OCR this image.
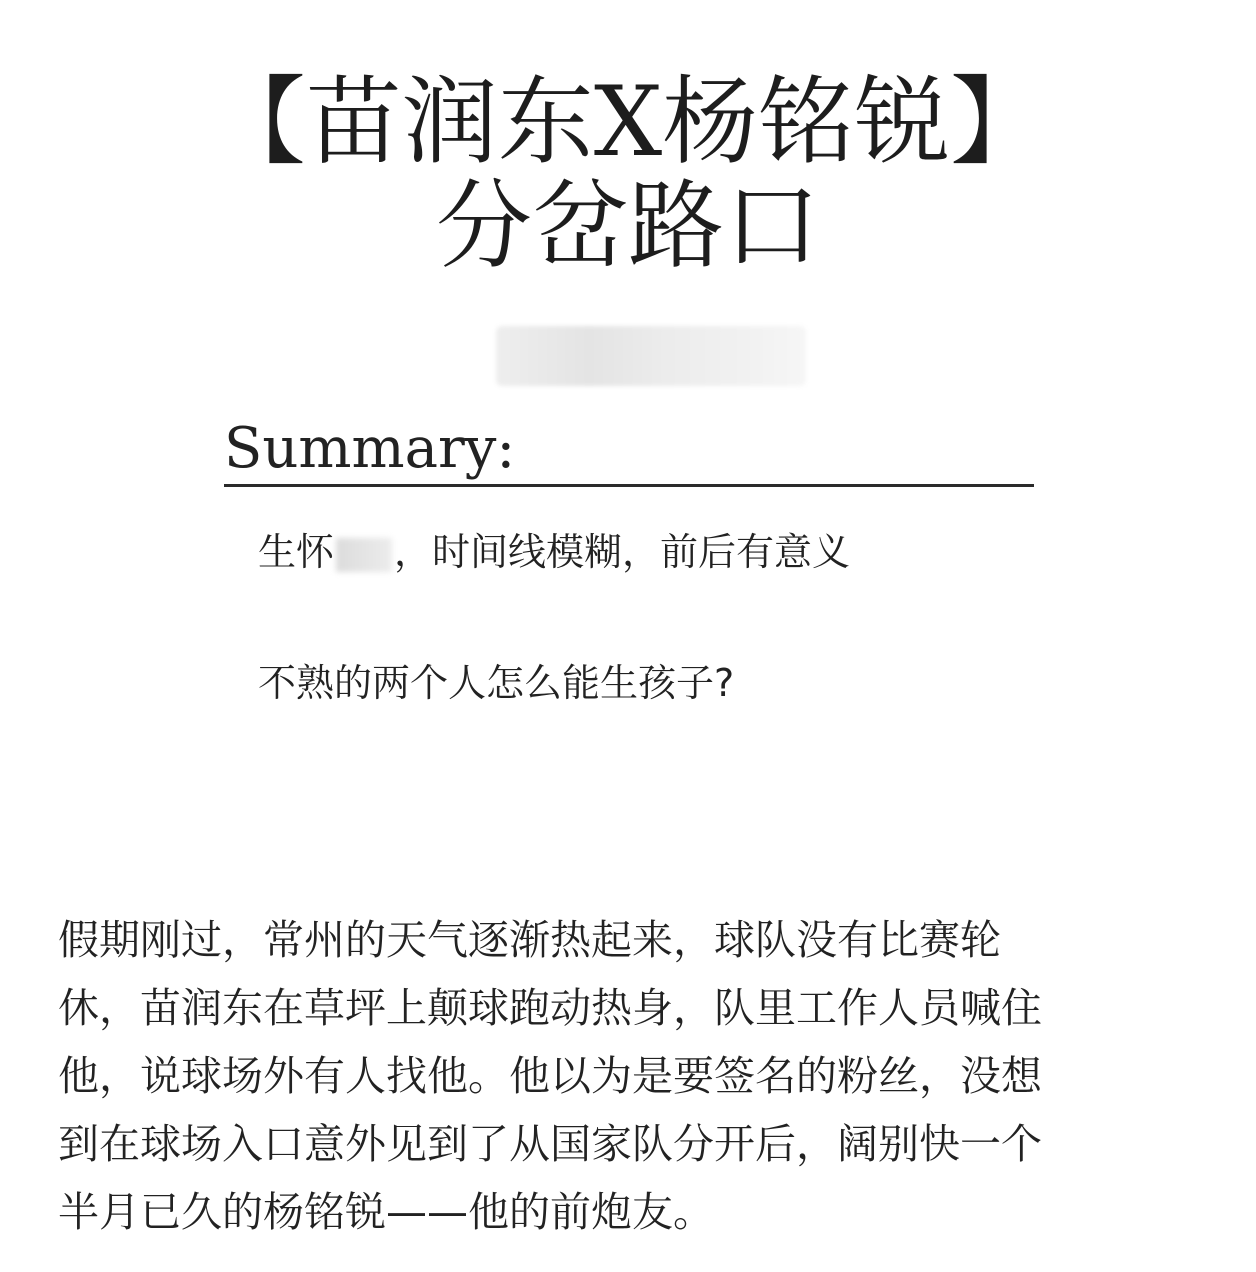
【苗润东X杨铭锐】
分岔路口
Summary:
生怀 ，时间线模糊，前后有意义
不熟的两个人怎么能生孩子?
假期刚过，常州的天气逐渐热起来，球队没有比赛轮
休，苗润东在草坪上颠球跑动热身，队里工作人员喊住
他，说球场外有人找他。他以为是要签名的粉丝，没想
到在球场入口意外见到了从国家队分开后，阔别快一个
半月已久的杨铭锐——他的前炮友。
